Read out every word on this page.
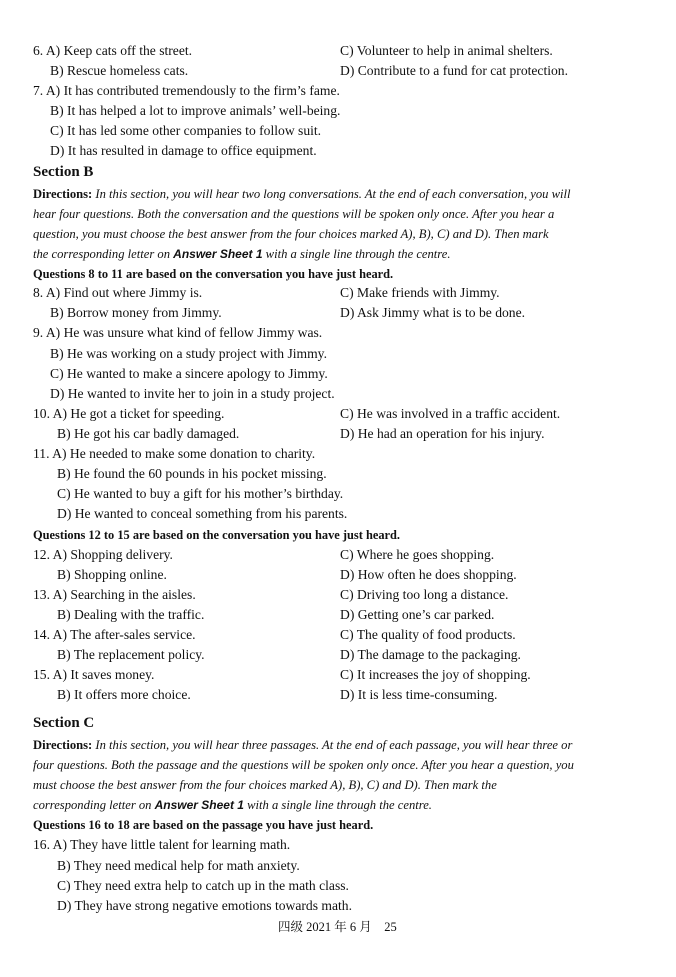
6. A) Keep cats off the street.	C) Volunteer to help in animal shelters.
B) Rescue homeless cats.	D) Contribute to a fund for cat protection.
7. A) It has contributed tremendously to the firm’s fame.
B) It has helped a lot to improve animals’ well-being.
C) It has led some other companies to follow suit.
D) It has resulted in damage to office equipment.
Section B
Directions: In this section, you will hear two long conversations. At the end of each conversation, you will
hear four questions. Both the conversation and the questions will be spoken only once. After you hear a
question, you must choose the best answer from the four choices marked A), B), C) and D). Then mark
the corresponding letter on Answer Sheet 1 with a single line through the centre.
Questions 8 to 11 are based on the conversation you have just heard.
8. A) Find out where Jimmy is.	C) Make friends with Jimmy.
B) Borrow money from Jimmy.	D) Ask Jimmy what is to be done.
9. A) He was unsure what kind of fellow Jimmy was.
B) He was working on a study project with Jimmy.
C) He wanted to make a sincere apology to Jimmy.
D) He wanted to invite her to join in a study project.
10. A) He got a ticket for speeding.	C) He was involved in a traffic accident.
B) He got his car badly damaged.	D) He had an operation for his injury.
11. A) He needed to make some donation to charity.
B) He found the 60 pounds in his pocket missing.
C) He wanted to buy a gift for his mother’s birthday.
D) He wanted to conceal something from his parents.
Questions 12 to 15 are based on the conversation you have just heard.
12. A) Shopping delivery.	C) Where he goes shopping.
B) Shopping online.	D) How often he does shopping.
13. A) Searching in the aisles.	C) Driving too long a distance.
B) Dealing with the traffic.	D) Getting one’s car parked.
14. A) The after-sales service.	C) The quality of food products.
B) The replacement policy.	D) The damage to the packaging.
15. A) It saves money.	C) It increases the joy of shopping.
B) It offers more choice.	D) It is less time-consuming.
Section C
Directions: In this section, you will hear three passages. At the end of each passage, you will hear three or
four questions. Both the passage and the questions will be spoken only once. After you hear a question, you
must choose the best answer from the four choices marked A), B), C) and D). Then mark the
corresponding letter on Answer Sheet 1 with a single line through the centre.
Questions 16 to 18 are based on the passage you have just heard.
16. A) They have little talent for learning math.
B) They need medical help for math anxiety.
C) They need extra help to catch up in the math class.
D) They have strong negative emotions towards math.
四级 2021 年 6 月　25
